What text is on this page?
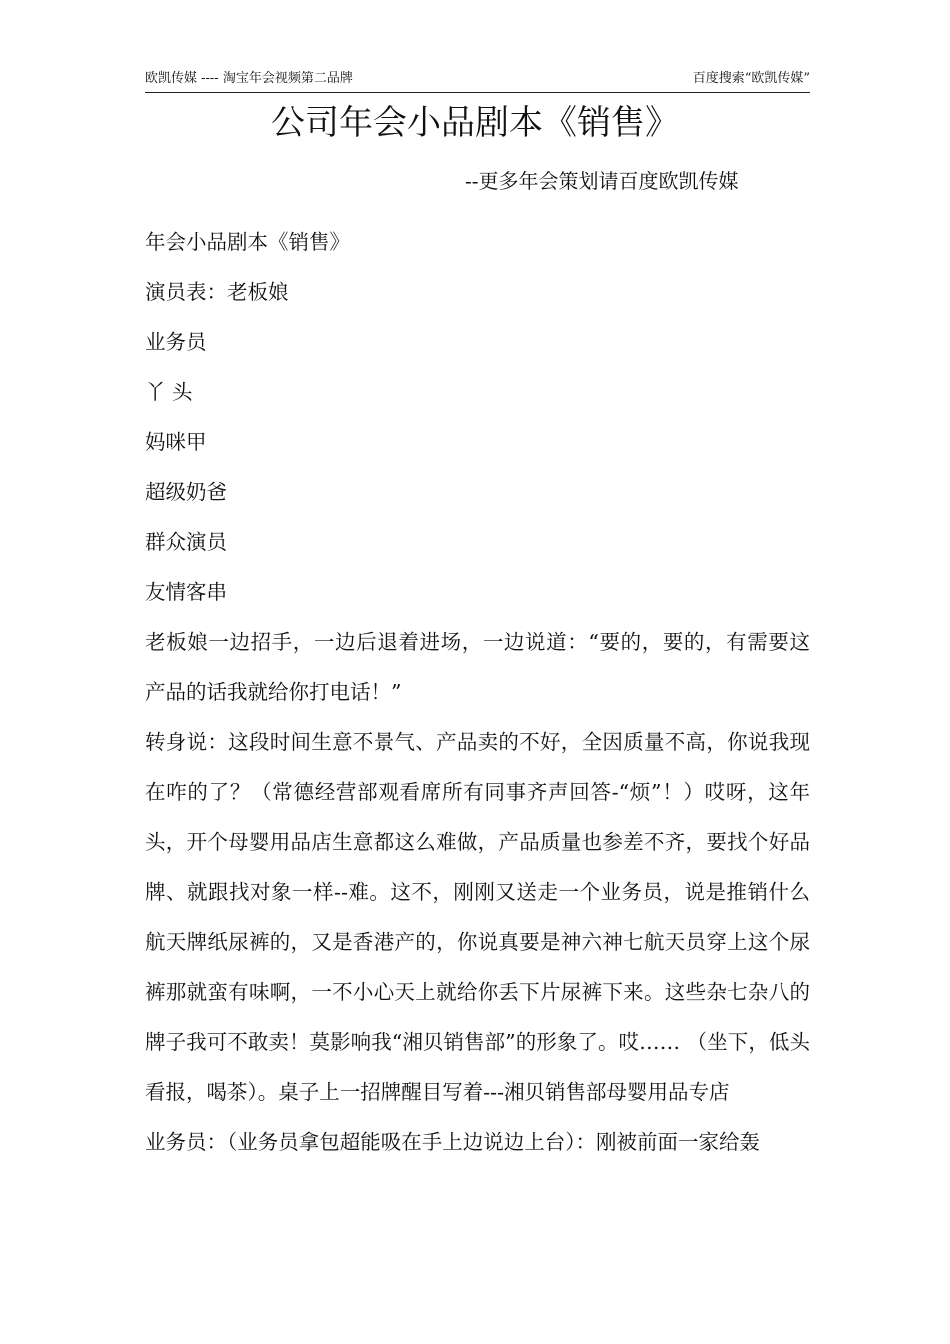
欧凯传媒 ---- 淘宝年会视频第二品牌	百度搜索“欧凯传媒”
公司年会小品剧本《销售》
--更多年会策划请百度欧凯传媒

年会小品剧本《销售》

演员表：老板娘

业务员

丫 头

妈咪甲

超级奶爸

群众演员

友情客串

老板娘一边招手，一边后退着进场，一边说道：“要的，要的，有需要这产品的话我就给你打电话！”

转身说：这段时间生意不景气、产品卖的不好，全因质量不高，你说我现在咋的了？（常德经营部观看席所有同事齐声回答-“烦”！）哎呀，这年头，开个母婴用品店生意都这么难做，产品质量也参差不齐，要找个好品牌、就跟找对象一样--难。这不，刚刚又送走一个业务员，说是推销什么航天牌纸尿裤的，又是香港产的，你说真要是神六神七航天员穿上这个尿裤那就蛮有味啊，一不小心天上就给你丢下片尿裤下来。这些杂七杂八的牌子我可不敢卖！莫影响我“湘贝销售部”的形象了。哎…… （坐下，低头看报，喝茶）。桌子上一招牌醒目写着---湘贝销售部母婴用品专店

业务员：（业务员拿包超能吸在手上边说边上台）：刚被前面一家给轰
